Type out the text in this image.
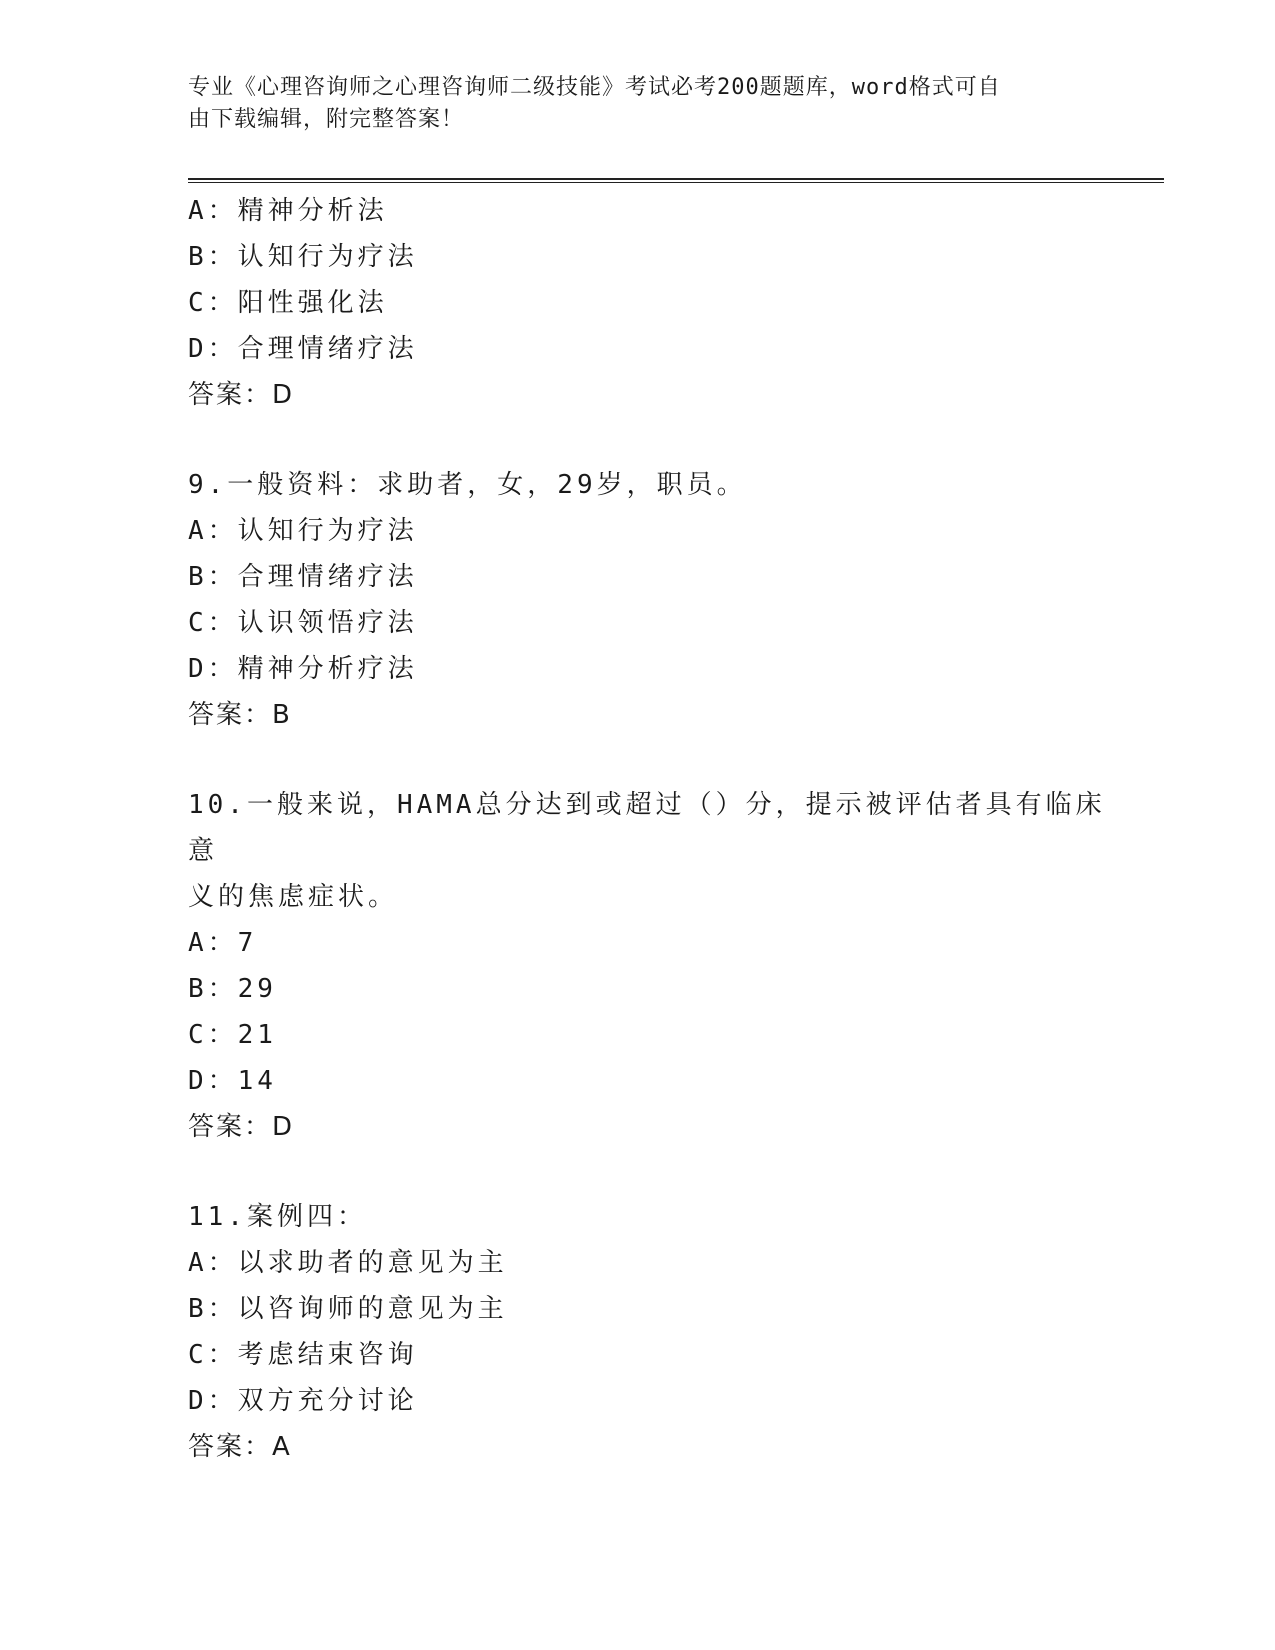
专业《心理咨询师之心理咨询师二级技能》考试必考200题题库，word格式可自
由下载编辑，附完整答案！
A：精神分析法
B：认知行为疗法
C：阳性强化法
D：合理情绪疗法
答案：D
9.一般资料：求助者，女，29岁，职员。
A：认知行为疗法
B：合理情绪疗法
C：认识领悟疗法
D：精神分析疗法
答案：B
10.一般来说，HAMA总分达到或超过（）分，提示被评估者具有临床意
义的焦虑症状。
A：7
B：29
C：21
D：14
答案：D
11.案例四：
A：以求助者的意见为主
B：以咨询师的意见为主
C：考虑结束咨询
D：双方充分讨论
答案：A
